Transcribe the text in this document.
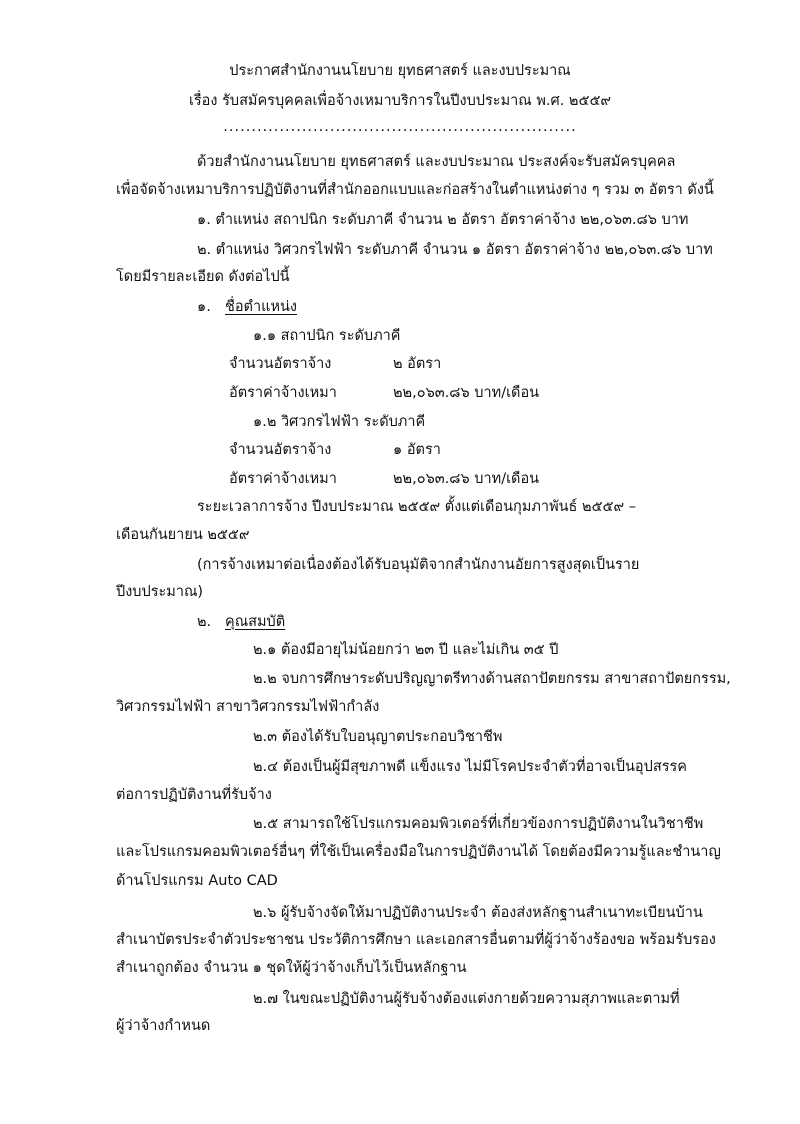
ประกาศสำนักงานนโยบาย ยุทธศาสตร์ และงบประมาณ
เรื่อง รับสมัครบุคคลเพื่อจ้างเหมาบริการในปีงบประมาณ พ.ศ. ๒๕๕๙
...............................................................
ด้วยสำนักงานนโยบาย ยุทธศาสตร์ และงบประมาณ ประสงค์จะรับสมัครบุคคล
เพื่อจัดจ้างเหมาบริการปฏิบัติงานที่สำนักออกแบบและก่อสร้างในตำแหน่งต่าง ๆ รวม ๓ อัตรา ดังนี้
๑. ตำแหน่ง สถาปนิก ระดับภาคี จำนวน ๒ อัตรา อัตราค่าจ้าง ๒๒,๐๖๓.๘๖ บาท
๒. ตำแหน่ง วิศวกรไฟฟ้า ระดับภาคี จำนวน ๑ อัตรา อัตราค่าจ้าง ๒๒,๐๖๓.๘๖ บาท
โดยมีรายละเอียด ดังต่อไปนี้
๑. ชื่อตำแหน่ง
๑.๑ สถาปนิก ระดับภาคี
จำนวนอัตราจ้าง	๒ อัตรา
อัตราค่าจ้างเหมา	๒๒,๐๖๓.๘๖ บาท/เดือน
๑.๒ วิศวกรไฟฟ้า ระดับภาคี
จำนวนอัตราจ้าง	๑ อัตรา
อัตราค่าจ้างเหมา	๒๒,๐๖๓.๘๖ บาท/เดือน
ระยะเวลาการจ้าง ปีงบประมาณ ๒๕๕๙ ตั้งแต่เดือนกุมภาพันธ์ ๒๕๕๙ –
เดือนกันยายน ๒๕๕๙
(การจ้างเหมาต่อเนื่องต้องได้รับอนุมัติจากสำนักงานอัยการสูงสุดเป็นราย
ปีงบประมาณ)
๒. คุณสมบัติ
๒.๑ ต้องมีอายุไม่น้อยกว่า ๒๓ ปี และไม่เกิน ๓๕ ปี
๒.๒ จบการศึกษาระดับปริญญาตรีทางด้านสถาปัตยกรรม สาขาสถาปัตยกรรม,
วิศวกรรมไฟฟ้า สาขาวิศวกรรมไฟฟ้ากำลัง
๒.๓ ต้องได้รับใบอนุญาตประกอบวิชาชีพ
๒.๔ ต้องเป็นผู้มีสุขภาพดี แข็งแรง ไม่มีโรคประจำตัวที่อาจเป็นอุปสรรค
ต่อการปฏิบัติงานที่รับจ้าง
๒.๕ สามารถใช้โปรแกรมคอมพิวเตอร์ที่เกี่ยวข้องการปฏิบัติงานในวิชาชีพ
และโปรแกรมคอมพิวเตอร์อื่นๆ ที่ใช้เป็นเครื่องมือในการปฏิบัติงานได้ โดยต้องมีความรู้และชำนาญ
ด้านโปรแกรม Auto CAD
๒.๖ ผู้รับจ้างจัดให้มาปฏิบัติงานประจำ ต้องส่งหลักฐานสำเนาทะเบียนบ้าน
สำเนาบัตรประจำตัวประชาชน ประวัติการศึกษา และเอกสารอื่นตามที่ผู้ว่าจ้างร้องขอ พร้อมรับรอง
สำเนาถูกต้อง จำนวน ๑ ชุดให้ผู้ว่าจ้างเก็บไว้เป็นหลักฐาน
๒.๗ ในขณะปฏิบัติงานผู้รับจ้างต้องแต่งกายด้วยความสุภาพและตามที่
ผู้ว่าจ้างกำหนด
